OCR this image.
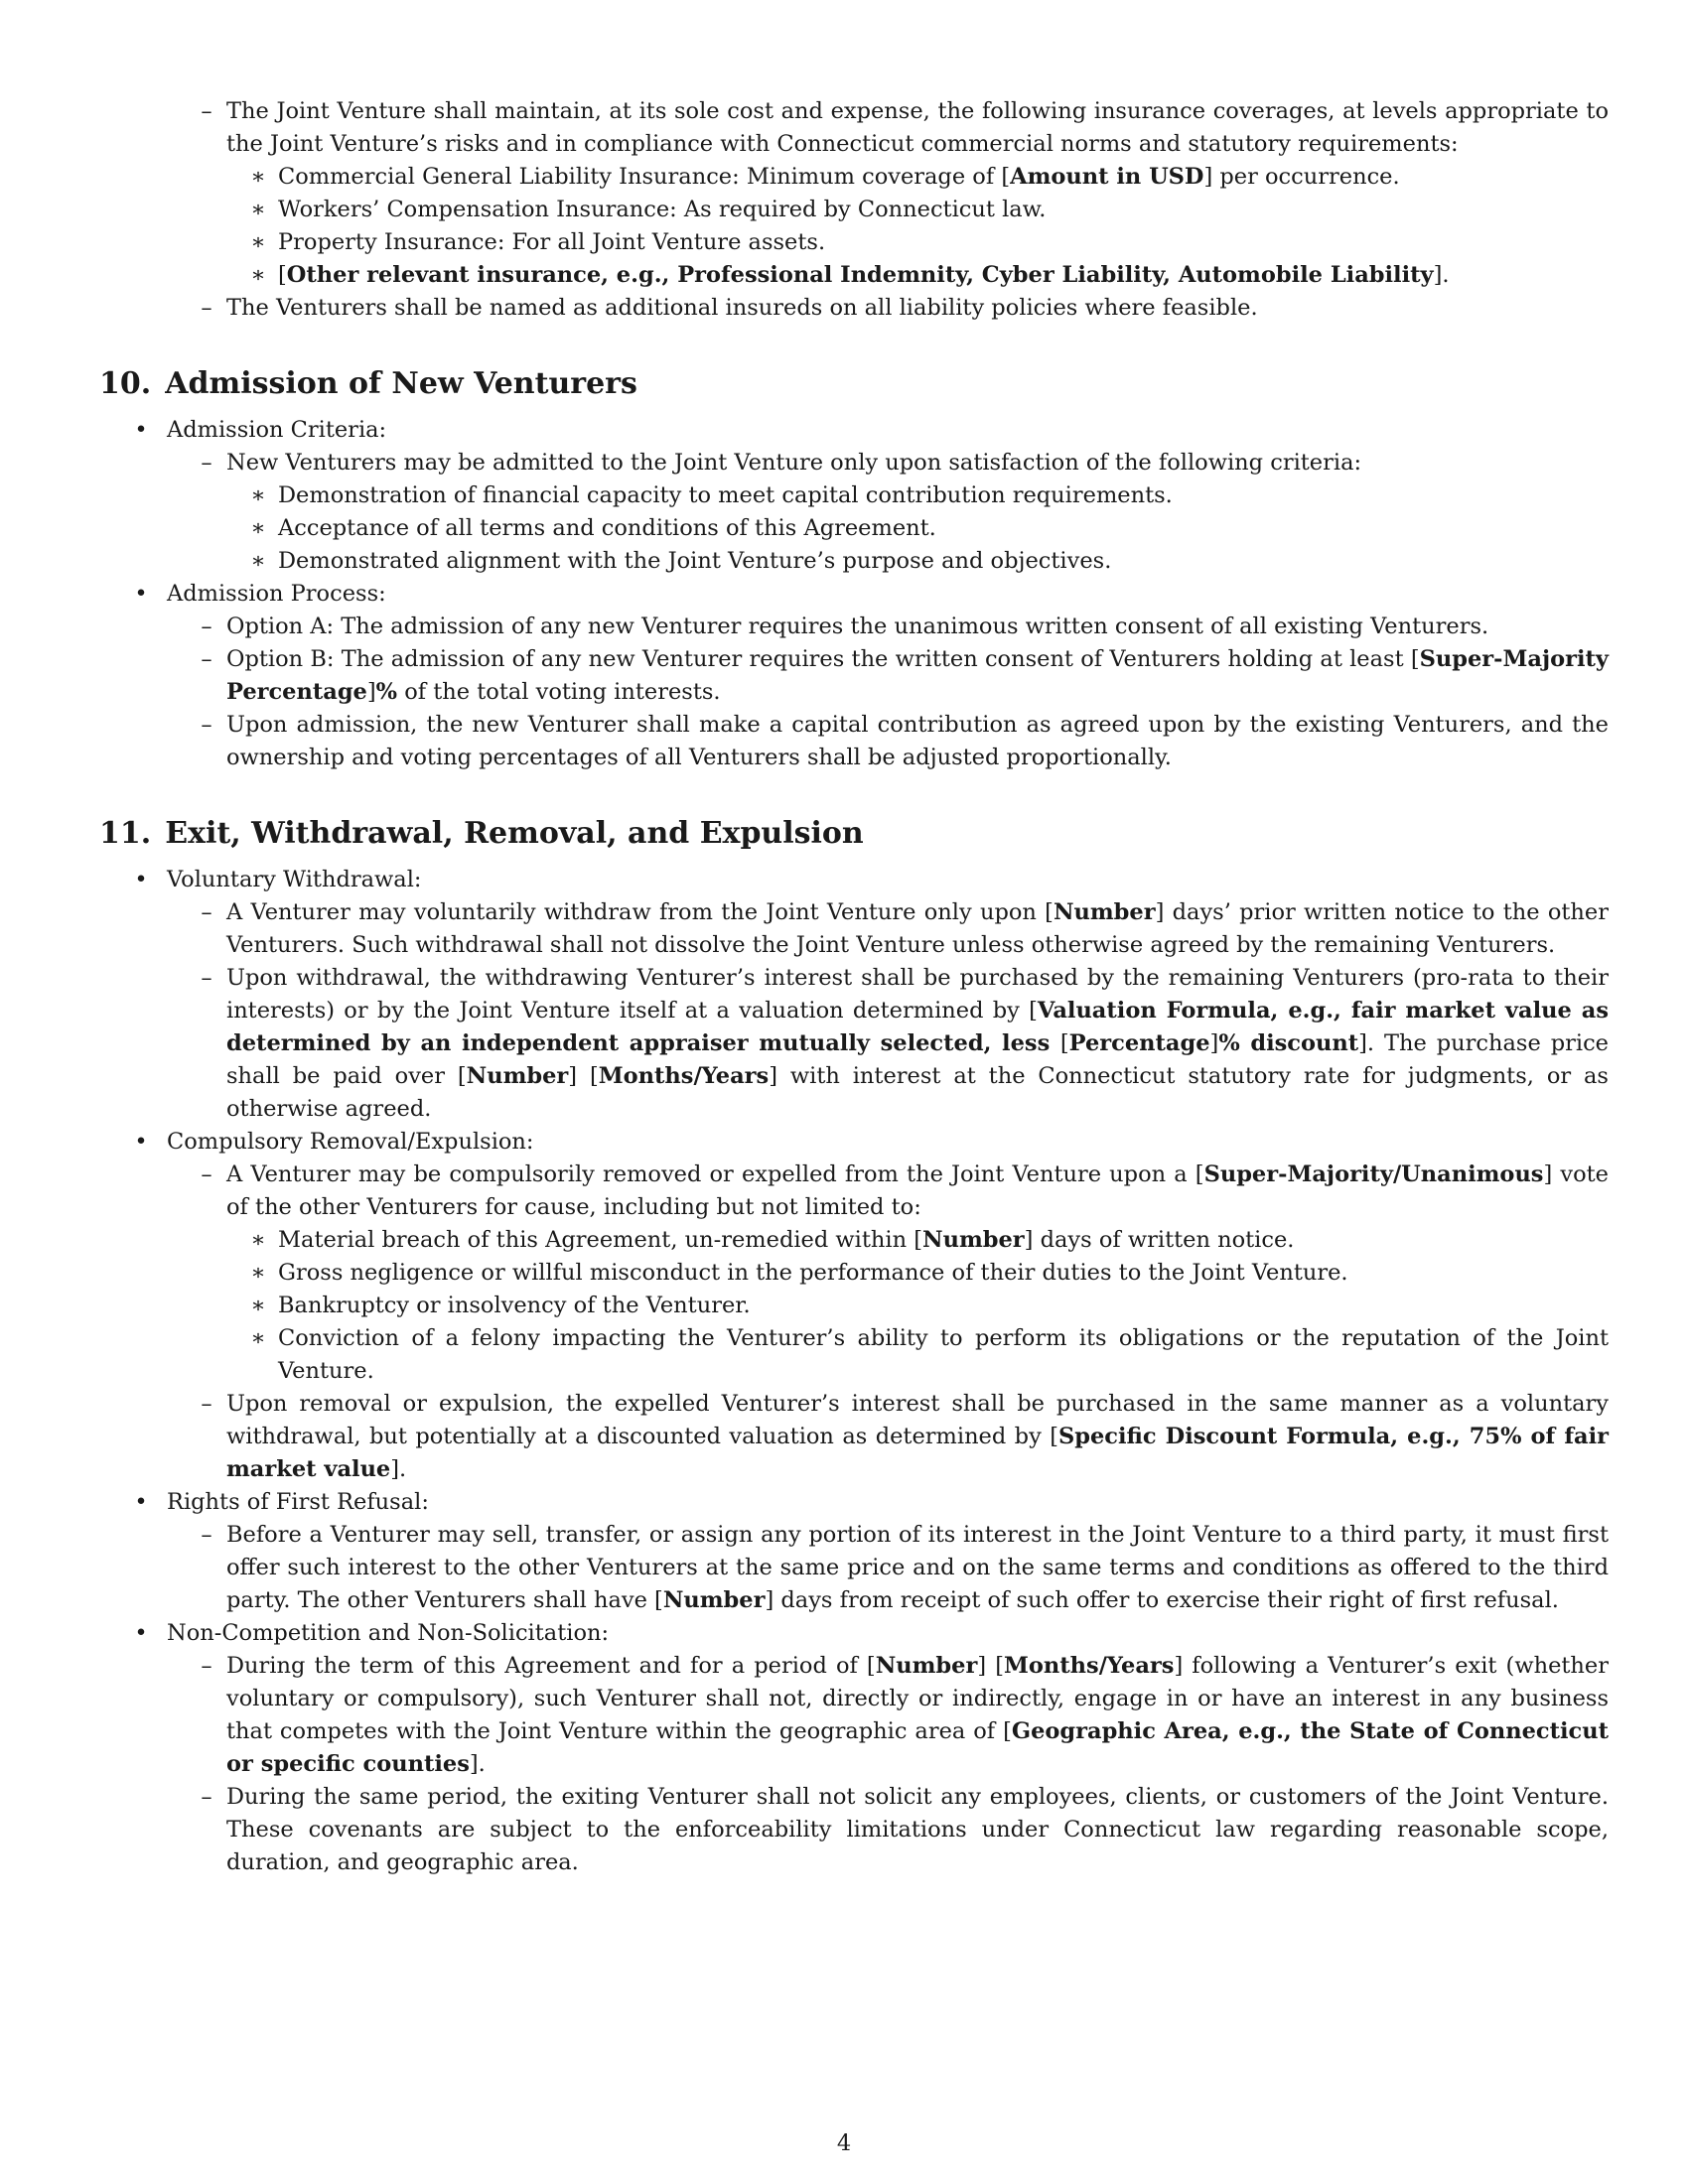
– The Joint Venture shall maintain, at its sole cost and expense, the following insurance coverages, at levels appropriate to the Joint Venture’s risks and in compliance with Connecticut commercial norms and statutory requirements:
∗ Commercial General Liability Insurance: Minimum coverage of [Amount in USD] per occurrence.
∗ Workers’ Compensation Insurance: As required by Connecticut law.
∗ Property Insurance: For all Joint Venture assets.
∗ [Other relevant insurance, e.g., Professional Indemnity, Cyber Liability, Automobile Liability].
– The Venturers shall be named as additional insureds on all liability policies where feasible.
10. Admission of New Venturers
• Admission Criteria:
– New Venturers may be admitted to the Joint Venture only upon satisfaction of the following criteria:
∗ Demonstration of financial capacity to meet capital contribution requirements.
∗ Acceptance of all terms and conditions of this Agreement.
∗ Demonstrated alignment with the Joint Venture’s purpose and objectives.
• Admission Process:
– Option A: The admission of any new Venturer requires the unanimous written consent of all existing Venturers.
– Option B: The admission of any new Venturer requires the written consent of Venturers holding at least [Super-Majority Percentage]% of the total voting interests.
– Upon admission, the new Venturer shall make a capital contribution as agreed upon by the existing Venturers, and the ownership and voting percentages of all Venturers shall be adjusted proportionally.
11. Exit, Withdrawal, Removal, and Expulsion
• Voluntary Withdrawal:
– A Venturer may voluntarily withdraw from the Joint Venture only upon [Number] days’ prior written notice to the other Venturers. Such withdrawal shall not dissolve the Joint Venture unless otherwise agreed by the remaining Venturers.
– Upon withdrawal, the withdrawing Venturer’s interest shall be purchased by the remaining Venturers (pro-rata to their interests) or by the Joint Venture itself at a valuation determined by [Valuation Formula, e.g., fair market value as determined by an independent appraiser mutually selected, less [Percentage]% discount]. The purchase price shall be paid over [Number] [Months/Years] with interest at the Connecticut statutory rate for judgments, or as otherwise agreed.
• Compulsory Removal/Expulsion:
– A Venturer may be compulsorily removed or expelled from the Joint Venture upon a [Super-Majority/Unanimous] vote of the other Venturers for cause, including but not limited to:
∗ Material breach of this Agreement, un-remedied within [Number] days of written notice.
∗ Gross negligence or willful misconduct in the performance of their duties to the Joint Venture.
∗ Bankruptcy or insolvency of the Venturer.
∗ Conviction of a felony impacting the Venturer’s ability to perform its obligations or the reputation of the Joint Venture.
– Upon removal or expulsion, the expelled Venturer’s interest shall be purchased in the same manner as a voluntary withdrawal, but potentially at a discounted valuation as determined by [Specific Discount Formula, e.g., 75% of fair market value].
• Rights of First Refusal:
– Before a Venturer may sell, transfer, or assign any portion of its interest in the Joint Venture to a third party, it must first offer such interest to the other Venturers at the same price and on the same terms and conditions as offered to the third party. The other Venturers shall have [Number] days from receipt of such offer to exercise their right of first refusal.
• Non-Competition and Non-Solicitation:
– During the term of this Agreement and for a period of [Number] [Months/Years] following a Venturer’s exit (whether voluntary or compulsory), such Venturer shall not, directly or indirectly, engage in or have an interest in any business that competes with the Joint Venture within the geographic area of [Geographic Area, e.g., the State of Connecticut or specific counties].
– During the same period, the exiting Venturer shall not solicit any employees, clients, or customers of the Joint Venture. These covenants are subject to the enforceability limitations under Connecticut law regarding reasonable scope, duration, and geographic area.
4
